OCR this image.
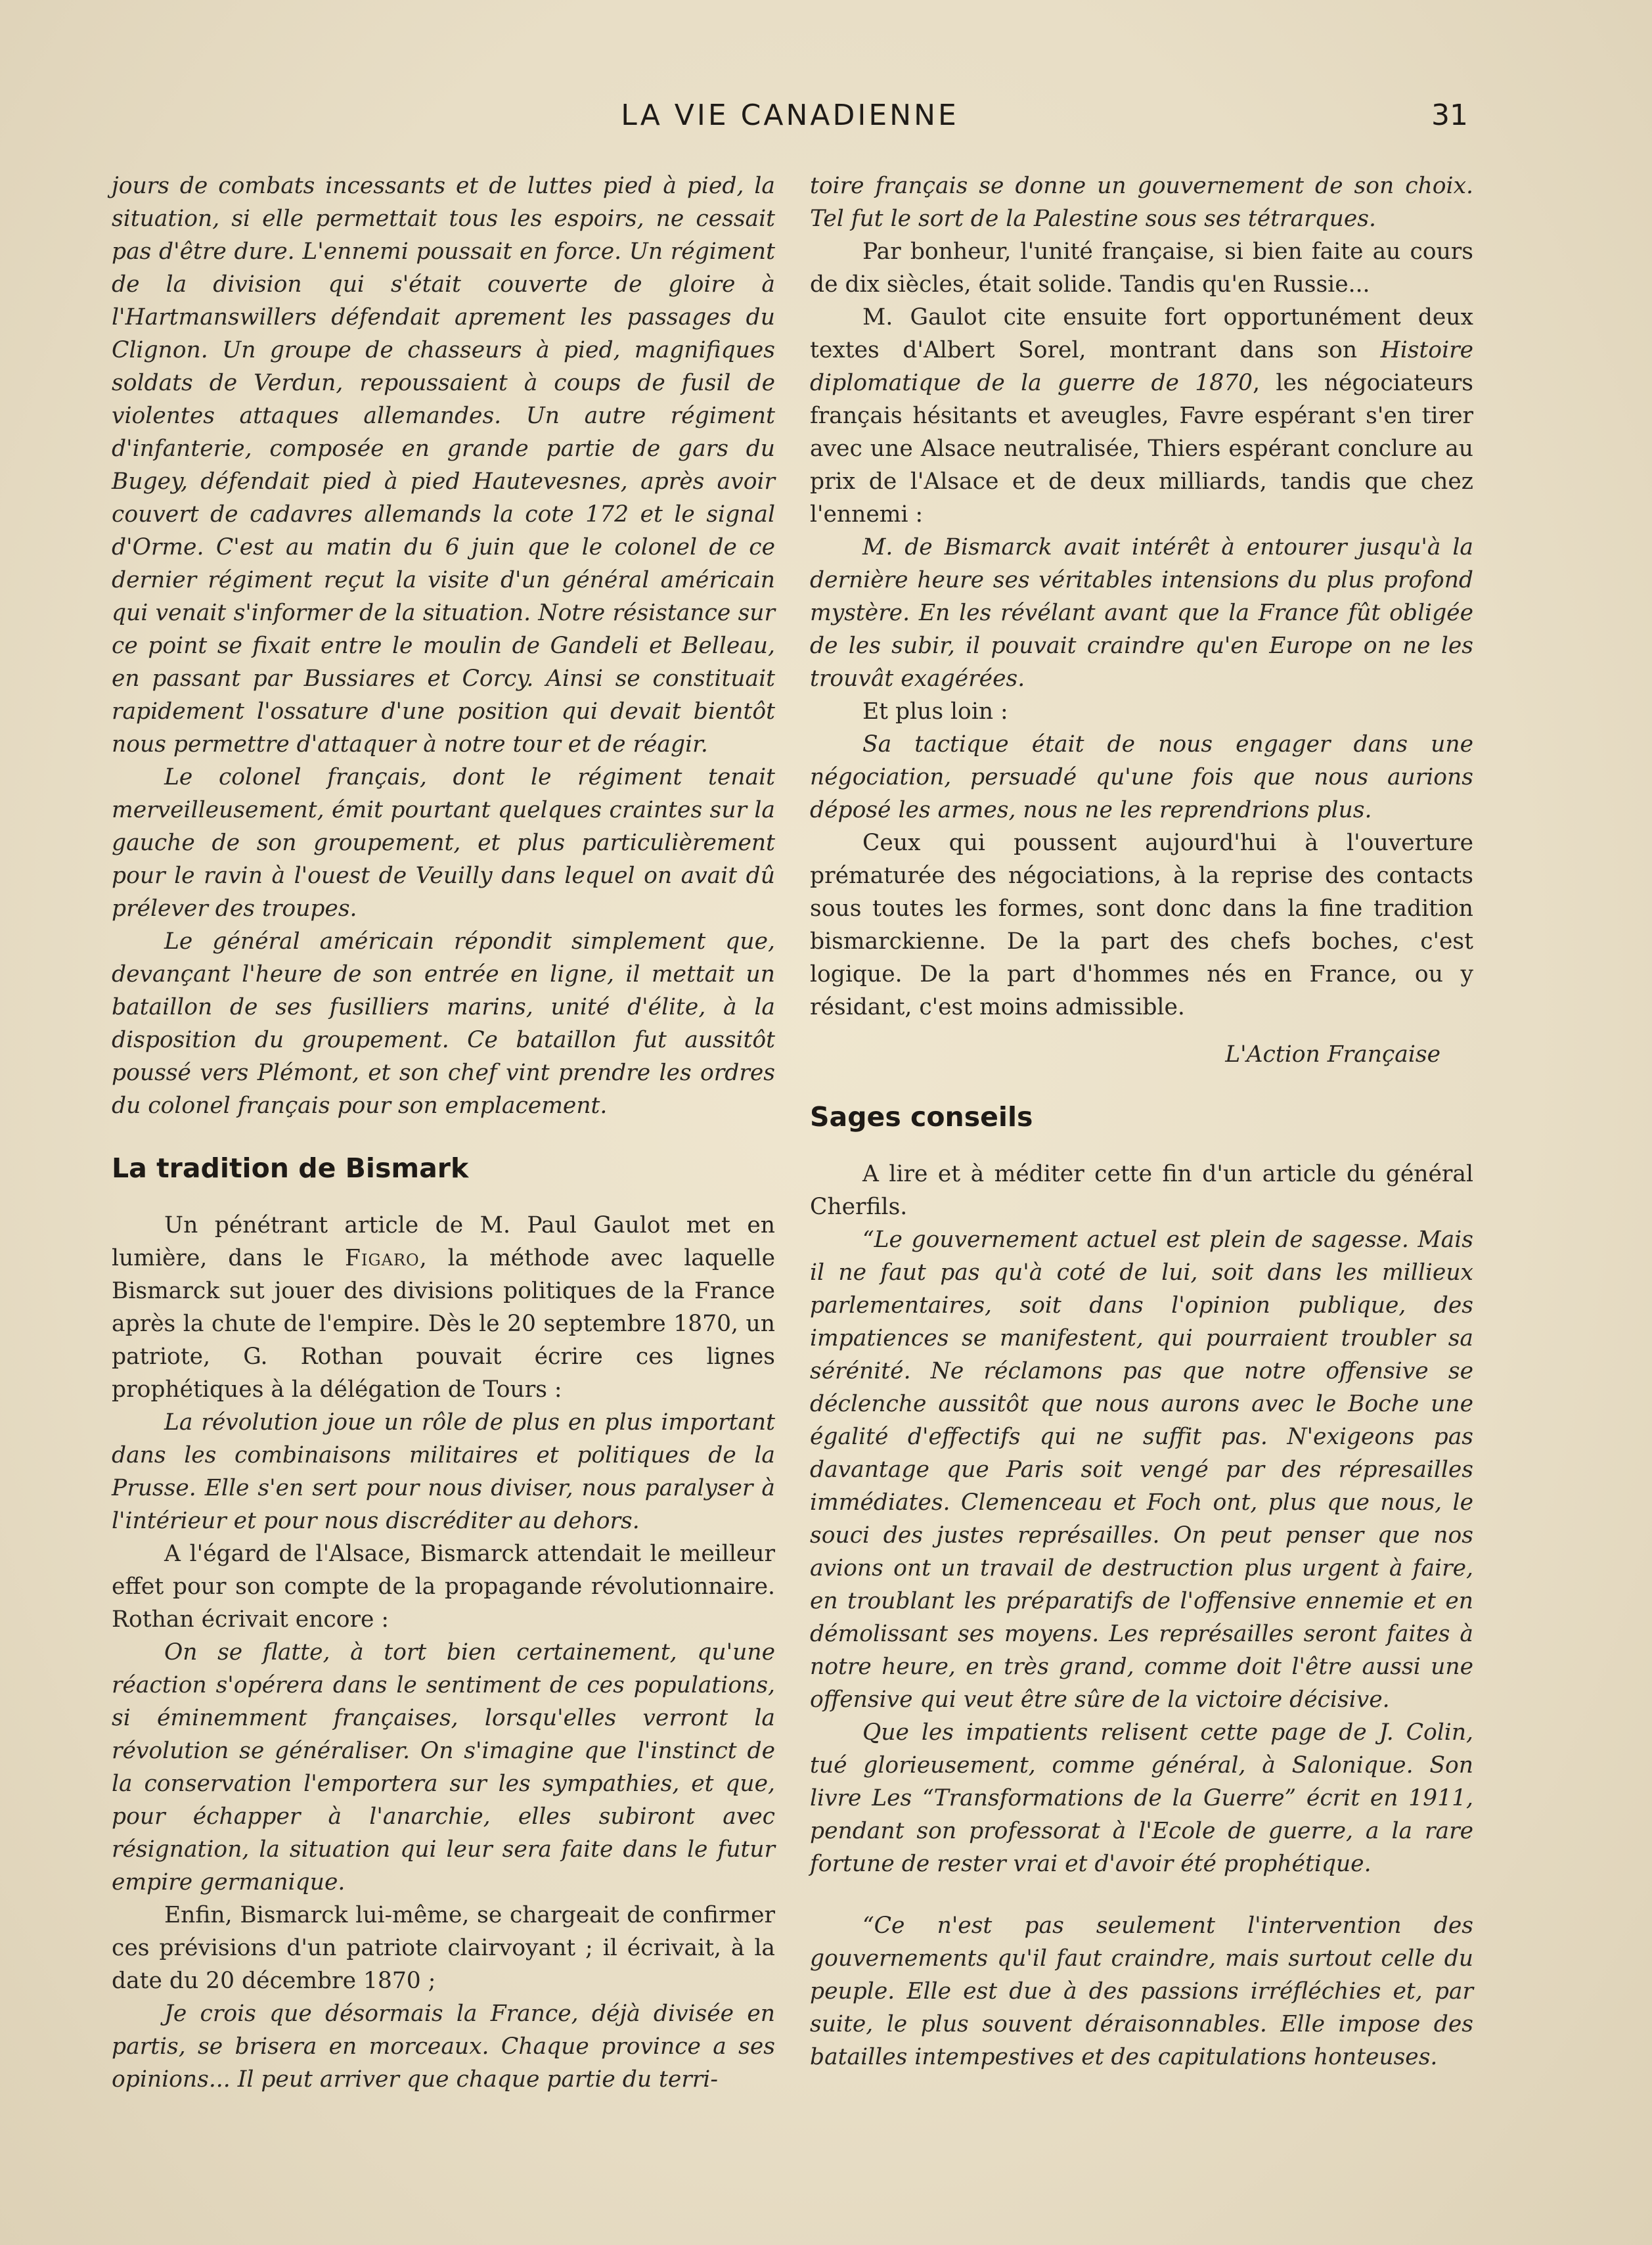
LA VIE CANADIENNE	31

jours de combats incessants et de luttes pied à pied, la situation, si elle permettait tous les espoirs, ne cessait pas d'être dure. L'ennemi poussait en force. Un régiment de la division qui s'était couverte de gloire à l'Hartmanswillers défendait aprement les passages du Clignon. Un groupe de chasseurs à pied, magnifiques soldats de Verdun, repoussaient à coups de fusil de violentes attaques allemandes. Un autre régiment d'infanterie, composée en grande partie de gars du Bugey, défendait pied à pied Hautevesnes, après avoir couvert de cadavres allemands la cote 172 et le signal d'Orme. C'est au matin du 6 juin que le colonel de ce dernier régiment reçut la visite d'un général américain qui venait s'informer de la situation. Notre résistance sur ce point se fixait entre le moulin de Gandeli et Belleau, en passant par Bussiares et Corcy. Ainsi se constituait rapidement l'ossature d'une position qui devait bientôt nous permettre d'attaquer à notre tour et de réagir.

Le colonel français, dont le régiment tenait merveilleusement, émit pourtant quelques craintes sur la gauche de son groupement, et plus particulièrement pour le ravin à l'ouest de Veuilly dans lequel on avait dû prélever des troupes.

Le général américain répondit simplement que, devançant l'heure de son entrée en ligne, il mettait un bataillon de ses fusilliers marins, unité d'élite, à la disposition du groupement. Ce bataillon fut aussitôt poussé vers Plémont, et son chef vint prendre les ordres du colonel français pour son emplacement.

La tradition de Bismark

Un pénétrant article de M. Paul Gaulot met en lumière, dans le Figaro, la méthode avec laquelle Bismarck sut jouer des divisions politiques de la France après la chute de l'empire. Dès le 20 septembre 1870, un patriote, G. Rothan pouvait écrire ces lignes prophétiques à la délégation de Tours :

La révolution joue un rôle de plus en plus important dans les combinaisons militaires et politiques de la Prusse. Elle s'en sert pour nous diviser, nous paralyser à l'intérieur et pour nous discréditer au dehors.

A l'égard de l'Alsace, Bismarck attendait le meilleur effet pour son compte de la propagande révolutionnaire. Rothan écrivait encore :

On se flatte, à tort bien certainement, qu'une réaction s'opérera dans le sentiment de ces populations, si éminemment françaises, lorsqu'elles verront la révolution se généraliser. On s'imagine que l'instinct de la conservation l'emportera sur les sympathies, et que, pour échapper à l'anarchie, elles subiront avec résignation, la situation qui leur sera faite dans le futur empire germanique.

Enfin, Bismarck lui-même, se chargeait de confirmer ces prévisions d'un patriote clairvoyant ; il écrivait, à la date du 20 décembre 1870 ;

Je crois que désormais la France, déjà divisée en partis, se brisera en morceaux. Chaque province a ses opinions... Il peut arriver que chaque partie du terri-

toire français se donne un gouvernement de son choix. Tel fut le sort de la Palestine sous ses tétrarques.

Par bonheur, l'unité française, si bien faite au cours de dix siècles, était solide. Tandis qu'en Russie...

M. Gaulot cite ensuite fort opportunément deux textes d'Albert Sorel, montrant dans son Histoire diplomatique de la guerre de 1870, les négociateurs français hésitants et aveugles, Favre espérant s'en tirer avec une Alsace neutralisée, Thiers espérant conclure au prix de l'Alsace et de deux milliards, tandis que chez l'ennemi :

M. de Bismarck avait intérêt à entourer jusqu'à la dernière heure ses véritables intensions du plus profond mystère. En les révélant avant que la France fût obligée de les subir, il pouvait craindre qu'en Europe on ne les trouvât exagérées.

Et plus loin :

Sa tactique était de nous engager dans une négociation, persuadé qu'une fois que nous aurions déposé les armes, nous ne les reprendrions plus.

Ceux qui poussent aujourd'hui à l'ouverture prématurée des négociations, à la reprise des contacts sous toutes les formes, sont donc dans la fine tradition bismarckienne. De la part des chefs boches, c'est logique. De la part d'hommes nés en France, ou y résidant, c'est moins admissible.

L'Action Française

Sages conseils

A lire et à méditer cette fin d'un article du général Cherfils.

“Le gouvernement actuel est plein de sagesse. Mais il ne faut pas qu'à coté de lui, soit dans les millieux parlementaires, soit dans l'opinion publique, des impatiences se manifestent, qui pourraient troubler sa sérénité. Ne réclamons pas que notre offensive se déclenche aussitôt que nous aurons avec le Boche une égalité d'effectifs qui ne suffit pas. N'exigeons pas davantage que Paris soit vengé par des répresailles immédiates. Clemenceau et Foch ont, plus que nous, le souci des justes représailles. On peut penser que nos avions ont un travail de destruction plus urgent à faire, en troublant les préparatifs de l'offensive ennemie et en démolissant ses moyens. Les représailles seront faites à notre heure, en très grand, comme doit l'être aussi une offensive qui veut être sûre de la victoire décisive.

Que les impatients relisent cette page de J. Colin, tué glorieusement, comme général, à Salonique. Son livre Les “Transformations de la Guerre” écrit en 1911, pendant son professorat à l'Ecole de guerre, a la rare fortune de rester vrai et d'avoir été prophétique.

“Ce n'est pas seulement l'intervention des gouvernements qu'il faut craindre, mais surtout celle du peuple. Elle est due à des passions irréfléchies et, par suite, le plus souvent déraisonnables. Elle impose des batailles intempestives et des capitulations honteuses.
